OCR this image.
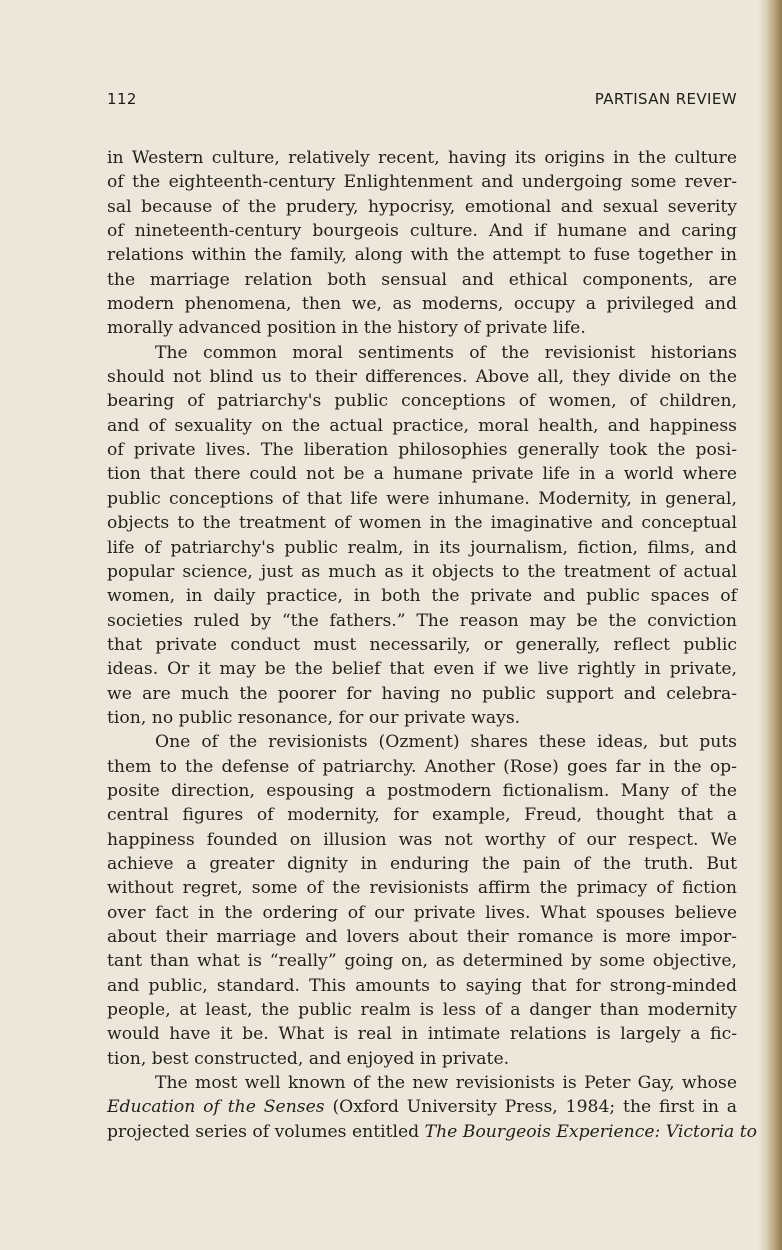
112	PARTISAN REVIEW

in Western culture, relatively recent, having its origins in the culture
of the eighteenth-century Enlightenment and undergoing some rever-
sal because of the prudery, hypocrisy, emotional and sexual severity
of nineteenth-century bourgeois culture. And if humane and caring
relations within the family, along with the attempt to fuse together in
the marriage relation both sensual and ethical components, are
modern phenomena, then we, as moderns, occupy a privileged and
morally advanced position in the history of private life.

The common moral sentiments of the revisionist historians
should not blind us to their differences. Above all, they divide on the
bearing of patriarchy's public conceptions of women, of children,
and of sexuality on the actual practice, moral health, and happiness
of private lives. The liberation philosophies generally took the posi-
tion that there could not be a humane private life in a world where
public conceptions of that life were inhumane. Modernity, in general,
objects to the treatment of women in the imaginative and conceptual
life of patriarchy's public realm, in its journalism, fiction, films, and
popular science, just as much as it objects to the treatment of actual
women, in daily practice, in both the private and public spaces of
societies ruled by “the fathers.” The reason may be the conviction
that private conduct must necessarily, or generally, reflect public
ideas. Or it may be the belief that even if we live rightly in private,
we are much the poorer for having no public support and celebra-
tion, no public resonance, for our private ways.

One of the revisionists (Ozment) shares these ideas, but puts
them to the defense of patriarchy. Another (Rose) goes far in the op-
posite direction, espousing a postmodern fictionalism. Many of the
central figures of modernity, for example, Freud, thought that a
happiness founded on illusion was not worthy of our respect. We
achieve a greater dignity in enduring the pain of the truth. But
without regret, some of the revisionists affirm the primacy of fiction
over fact in the ordering of our private lives. What spouses believe
about their marriage and lovers about their romance is more impor-
tant than what is “really” going on, as determined by some objective,
and public, standard. This amounts to saying that for strong-minded
people, at least, the public realm is less of a danger than modernity
would have it be. What is real in intimate relations is largely a fic-
tion, best constructed, and enjoyed in private.

The most well known of the new revisionists is Peter Gay, whose
Education of the Senses (Oxford University Press, 1984; the first in a
projected series of volumes entitled The Bourgeois Experience: Victoria to
